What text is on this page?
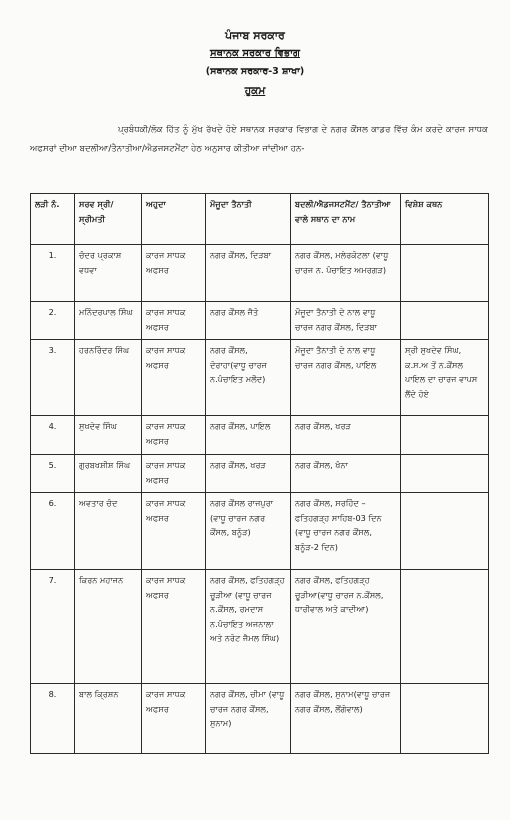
ਪੰਜਾਬ ਸਰਕਾਰ
ਸਥਾਨਕ ਸਰਕਾਰ ਵਿਭਾਗ
(ਸਥਾਨਕ ਸਰਕਾਰ-3 ਸ਼ਾਖਾ)
ਹੁਕਮ
ਪ੍ਰਬੰਧਕੀ/ਲੋਕ ਹਿੱਤ ਨੂੰ ਮੁੱਖ ਰੱਖਦੇ ਹੋਏ ਸਥਾਨਕ ਸਰਕਾਰ ਵਿਭਾਗ ਦੇ ਨਗਰ ਕੌਂਸਲ ਕਾਡਰ ਵਿੱਚ ਕੰਮ ਕਰਦੇ ਕਾਰਜ ਸਾਧਕ ਅਫਸਰਾਂ ਦੀਆ ਬਦਲੀਆ/ਤੈਨਾਤੀਆ/ਐਡਜਸਟਮੈਂਟਾ ਹੇਠ ਅਨੁਸਾਰ ਕੀਤੀਆ ਜਾਂਦੀਆ ਹਨ-
ਲੜੀ ਨੰ.	ਸਰਵ ਸ੍ਰੀ/ਸ੍ਰੀਮਤੀ	ਅਹੁਦਾ	ਮੌਜੂਦਾ ਤੈਨਾਤੀ	ਬਦਲੀ/ਐਡਜਸਟਮੈਂਟ/ ਤੈਨਾਤੀਆ ਵਾਲੇ ਸਥਾਨ ਦਾ ਨਾਮ	ਵਿਸ਼ੇਸ਼ ਕਥਨ
1.	ਚੰਦਰ ਪ੍ਰਕਾਸ਼ ਵਧਵਾ	ਕਾਰਜ ਸਾਧਕ ਅਫਸਰ	ਨਗਰ ਕੌਂਸਲ, ਦਿੜਬਾ	ਨਗਰ ਕੌਂਸਲ, ਮਲੇਰਕੋਟਲਾ (ਵਾਧੂ ਚਾਰਜ ਨ. ਪੰਚਾਇਤ ਅਮਰਗੜ)	
2.	ਮਨਿੰਦਰਪਾਲ ਸਿੰਘ	ਕਾਰਜ ਸਾਧਕ ਅਫਸਰ	ਨਗਰ ਕੌਂਸਲ ਜੈਤੋ	ਮੌਜੂਦਾ ਤੈਨਾਤੀ ਦੇ ਨਾਲ ਵਾਧੂ ਚਾਰਜ ਨਗਰ ਕੌਂਸਲ, ਦਿੜਬਾ	
3.	ਹਰਨਰਿੰਦਰ ਸਿੰਘ	ਕਾਰਜ ਸਾਧਕ ਅਫਸਰ	ਨਗਰ ਕੌਂਸਲ, ਦੋਰਾਹਾ(ਵਾਧੂ ਚਾਰਜ ਨ.ਪੰਚਾਇਤ ਮਲੌਦ)	ਮੌਜੂਦਾ ਤੈਨਾਤੀ ਦੇ ਨਾਲ ਵਾਧੂ ਚਾਰਜ ਨਗਰ ਕੌਂਸਲ, ਪਾਇਲ	ਸ੍ਰੀ ਸੁਖਦੇਵ ਸਿੰਘ, ਕ.ਸ.ਅ ਤੋਂ ਨ.ਕੌਂਸਲ ਪਾਇਲ ਦਾ ਚਾਰਜ ਵਾਪਸ ਲੈਂਦੇ ਹੋਏ
4.	ਸੁਖਦੇਵ ਸਿੰਘ	ਕਾਰਜ ਸਾਧਕ ਅਫਸਰ	ਨਗਰ ਕੌਂਸਲ, ਪਾਇਲ	ਨਗਰ ਕੌਂਸਲ, ਖਰੜ	
5.	ਗੁਰਬਖਸ਼ੀਸ਼ ਸਿੰਘ	ਕਾਰਜ ਸਾਧਕ ਅਫਸਰ	ਨਗਰ ਕੌਂਸਲ, ਖਰੜ	ਨਗਰ ਕੌਂਸਲ, ਖੰਨਾ	
6.	ਅਵਤਾਰ ਚੰਦ	ਕਾਰਜ ਸਾਧਕ ਅਫਸਰ	ਨਗਰ ਕੌਂਸਲ ਰਾਜਪੁਰਾ (ਵਾਧੂ ਚਾਰਜ ਨਗਰ ਕੌਂਸਲ, ਬਨੂੰੜ)	ਨਗਰ ਕੌਂਸਲ, ਸਰਹਿੰਦ – ਫਤਿਹਗੜ੍ਹ ਸਾਹਿਬ-03 ਦਿਨ (ਵਾਧੂ ਚਾਰਜ ਨਗਰ ਕੌਂਸਲ, ਬਨੂੰੜ-2 ਦਿਨ)	
7.	ਕਿਰਨ ਮਹਾਜਨ	ਕਾਰਜ ਸਾਧਕ ਅਫਸਰ	ਨਗਰ ਕੌਂਸਲ, ਫਤਿਹਗੜ੍ਹ ਚੂੜੀਆ (ਵਾਧੂ ਚਾਰਜ ਨ.ਕੌਂਸਲ, ਰਮਦਾਸ ਨ.ਪੰਚਾਇਤ ਅਜਨਾਲਾ ਅਤੇ ਨਰੋਟ ਜੈਮਲ ਸਿੰਘ)	ਨਗਰ ਕੌਂਸਲ, ਫਤਿਹਗੜ੍ਹ ਚੂੜੀਆ(ਵਾਧੂ ਚਾਰਜ ਨ.ਕੌਂਸਲ, ਧਾਰੀਵਾਲ ਅਤੇ ਕਾਦੀਆ)	
8.	ਬਾਲ ਕ੍ਰਿਸ਼ਨ	ਕਾਰਜ ਸਾਧਕ ਅਫਸਰ	ਨਗਰ ਕੌਂਸਲ, ਚੀਮਾ (ਵਾਧੂ ਚਾਰਜ ਨਗਰ ਕੌਂਸਲ, ਸੁਨਾਮ)	ਨਗਰ ਕੌਂਸਲ, ਸੁਨਾਮ(ਵਾਧੂ ਚਾਰਜ ਨਗਰ ਕੌਂਸਲ, ਲੌਂਗੋਵਾਲ)	
